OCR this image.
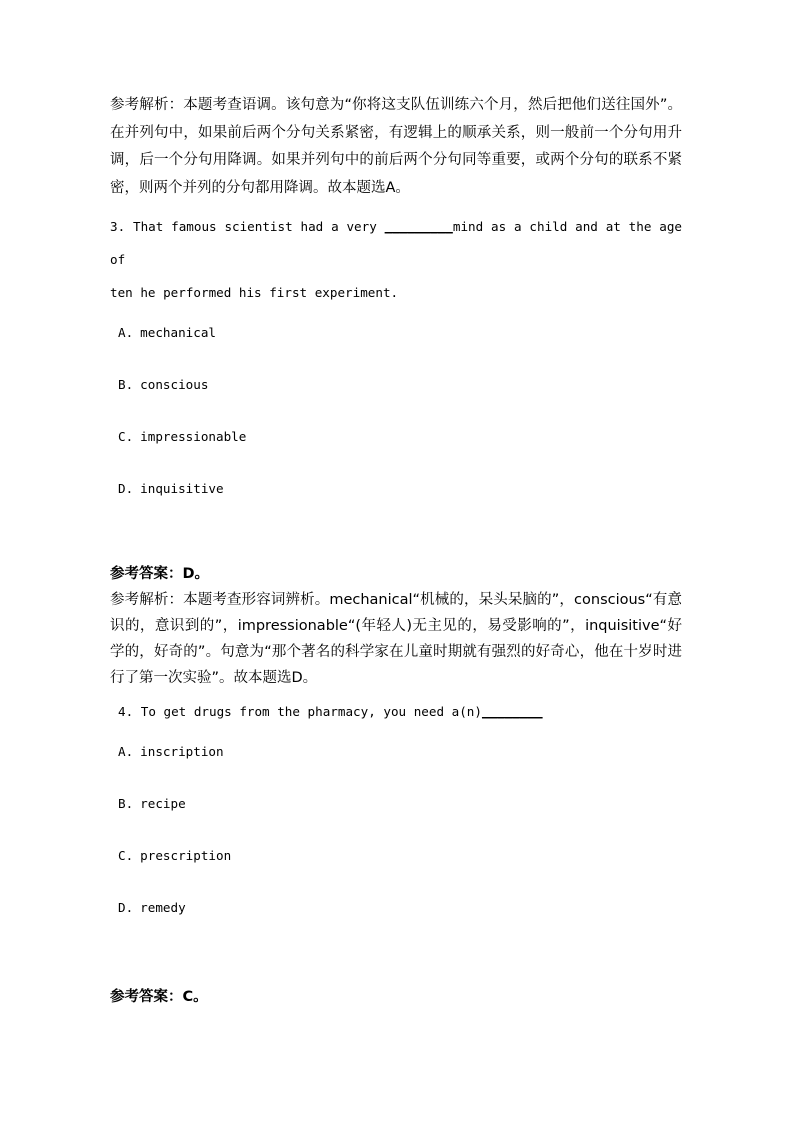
参考解析：本题考查语调。该句意为“你将这支队伍训练六个月，然后把他们送往国外”。在并列句中，如果前后两个分句关系紧密，有逻辑上的顺承关系，则一般前一个分句用升调，后一个分句用降调。如果并列句中的前后两个分句同等重要，或两个分句的联系不紧密，则两个并列的分句都用降调。故本题选A。

3. That famous scientist had a very _________mind as a child and at the age of
ten he performed his first experiment.
A. mechanical
B. conscious
C. impressionable
D. inquisitive

参考答案：D。

参考解析：本题考查形容词辨析。mechanical“机械的，呆头呆脑的”，conscious“有意识的，意识到的”，impressionable“(年轻人)无主见的，易受影响的”，inquisitive“好学的，好奇的”。句意为“那个著名的科学家在儿童时期就有强烈的好奇心，他在十岁时进行了第一次实验”。故本题选D。

4. To get drugs from the pharmacy, you need a(n)________
A. inscription
B. recipe
C. prescription
D. remedy

参考答案：C。
